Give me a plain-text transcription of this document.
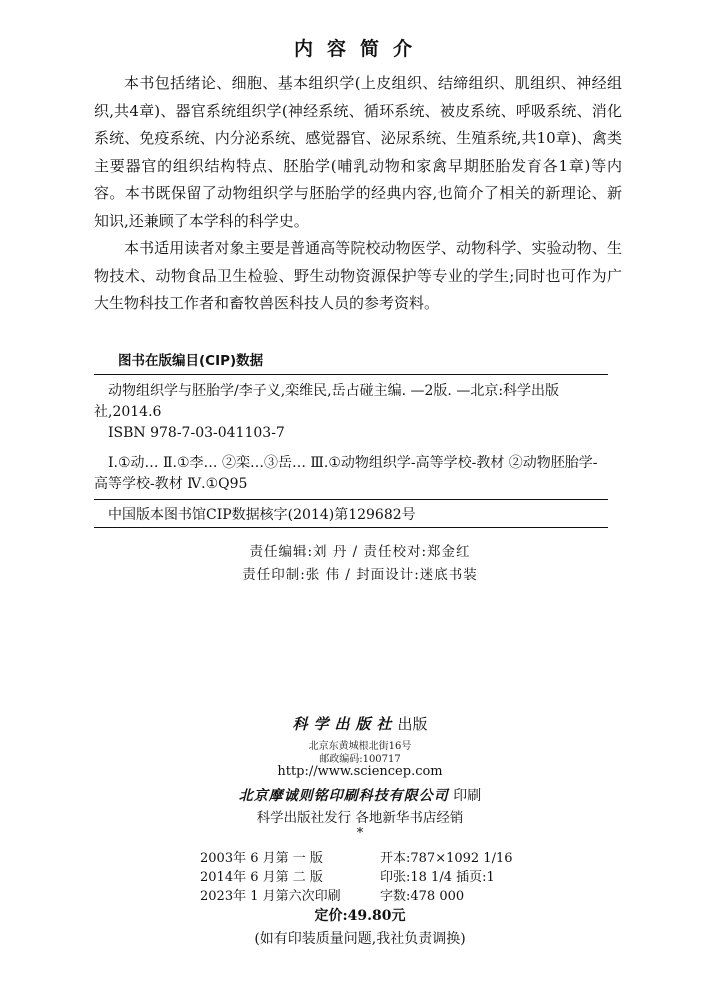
内容简介

本书包括绪论、细胞、基本组织学(上皮组织、结缔组织、肌组织、神经组织,共4章)、器官系统组织学(神经系统、循环系统、被皮系统、呼吸系统、消化系统、免疫系统、内分泌系统、感觉器官、泌尿系统、生殖系统,共10章)、禽类主要器官的组织结构特点、胚胎学(哺乳动物和家禽早期胚胎发育各1章)等内容。本书既保留了动物组织学与胚胎学的经典内容,也简介了相关的新理论、新知识,还兼顾了本学科的科学史。

本书适用读者对象主要是普通高等院校动物医学、动物科学、实验动物、生物技术、动物食品卫生检验、野生动物资源保护等专业的学生;同时也可作为广大生物科技工作者和畜牧兽医科技人员的参考资料。

图书在版编目(CIP)数据

动物组织学与胚胎学/李子义,栾维民,岳占碰主编. —2版. —北京:科学出版社,2014.6

ISBN 978-7-03-041103-7

Ⅰ.①动… Ⅱ.①李… ②栾…③岳… Ⅲ.①动物组织学-高等学校-教材 ②动物胚胎学-高等学校-教材 Ⅳ.①Q95

中国版本图书馆CIP数据核字(2014)第129682号

责任编辑:刘 丹 / 责任校对:郑金红
责任印制:张 伟 / 封面设计:迷底书装
科学出版社出版
北京东黄城根北街16号
邮政编码:100717
http://www.sciencep.com
北京摩诚则铭印刷科技有限公司 印刷
科学出版社发行 各地新华书店经销
*
2003年 6 月第 一 版	开本:787×1092 1/16
2014年 6 月第 二 版	印张:18 1/4 插页:1
2023年 1 月第六次印刷	字数:478 000
定价:49.80元
(如有印装质量问题,我社负责调换)
